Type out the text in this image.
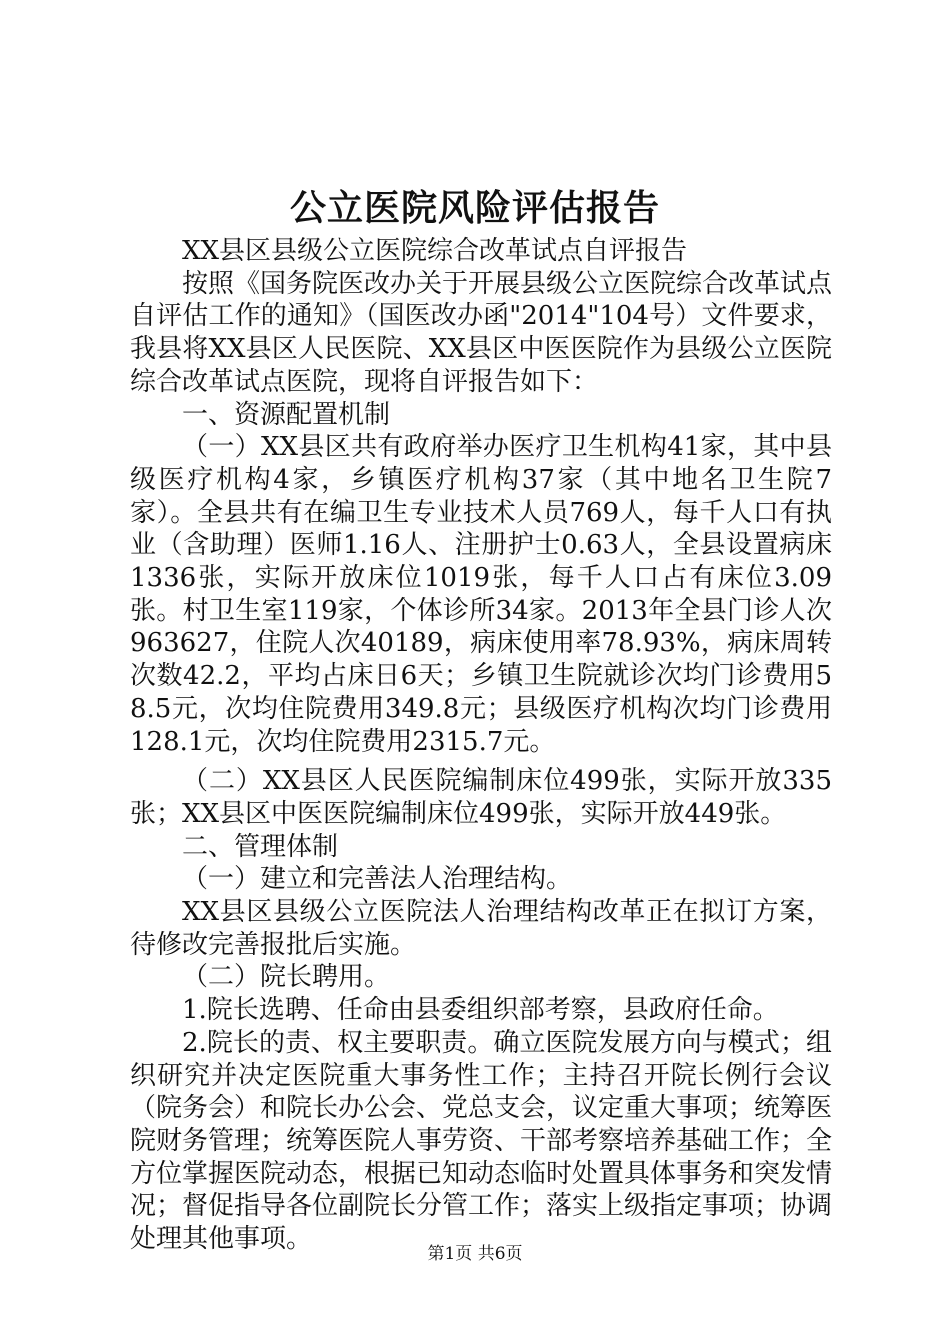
公立医院风险评估报告

XX县区县级公立医院综合改革试点自评报告

按照《国务院医改办关于开展县级公立医院综合改革试点自评估工作的通知》（国医改办函"2014"104号）文件要求，我县将XX县区人民医院、XX县区中医医院作为县级公立医院综合改革试点医院，现将自评报告如下：

一、资源配置机制

（一）XX县区共有政府举办医疗卫生机构41家，其中县级医疗机构4家，乡镇医疗机构37家（其中地名卫生院7家）。全县共有在编卫生专业技术人员769人，每千人口有执业（含助理）医师1.16人、注册护士0.63人，全县设置病床1336张，实际开放床位1019张，每千人口占有床位3.09张。村卫生室119家，个体诊所34家。2013年全县门诊人次963627，住院人次40189，病床使用率78.93%，病床周转次数42.2，平均占床日6天；乡镇卫生院就诊次均门诊费用58.5元，次均住院费用349.8元；县级医疗机构次均门诊费用128.1元，次均住院费用2315.7元。

（二）XX县区人民医院编制床位499张，实际开放335张；XX县区中医医院编制床位499张，实际开放449张。

二、管理体制

（一）建立和完善法人治理结构。

XX县区县级公立医院法人治理结构改革正在拟订方案，待修改完善报批后实施。

（二）院长聘用。

1.院长选聘、任命由县委组织部考察，县政府任命。

2.院长的责、权主要职责。确立医院发展方向与模式；组织研究并决定医院重大事务性工作；主持召开院长例行会议（院务会）和院长办公会、党总支会，议定重大事项；统筹医院财务管理；统筹医院人事劳资、干部考察培养基础工作；全方位掌握医院动态，根据已知动态临时处置具体事务和突发情况；督促指导各位副院长分管工作；落实上级指定事项；协调处理其他事项。	第1页 共6页
